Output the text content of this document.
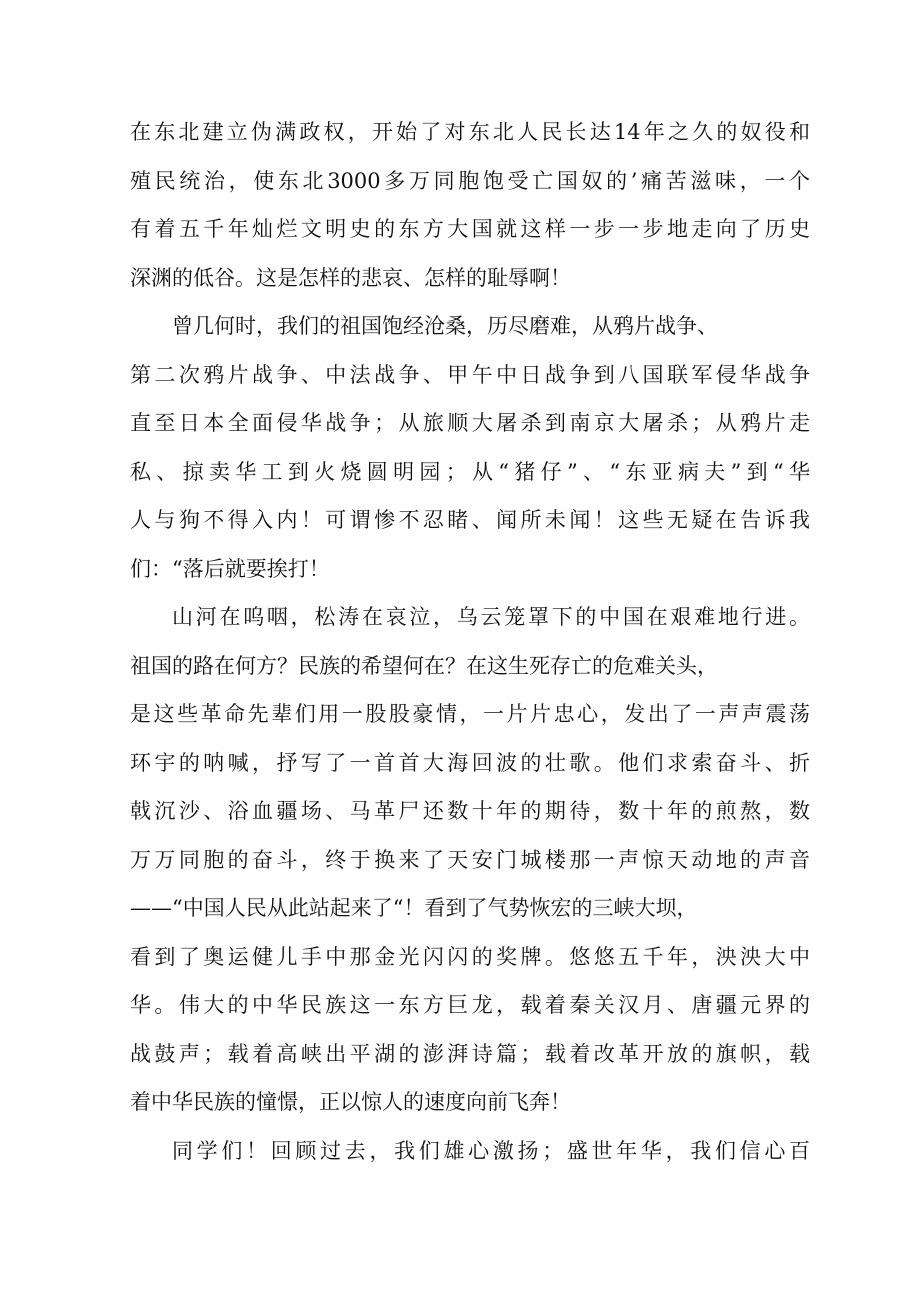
在东北建立伪满政权，开始了对东北人民长达14年之久的奴役和
殖民统治，使东北3000多万同胞饱受亡国奴的’痛苦滋味，一个
有着五千年灿烂文明史的东方大国就这样一步一步地走向了历史
深渊的低谷。这是怎样的悲哀、怎样的耻辱啊！
曾几何时，我们的祖国饱经沧桑，历尽磨难，从鸦片战争、
第二次鸦片战争、中法战争、甲午中日战争到八国联军侵华战争
直至日本全面侵华战争；从旅顺大屠杀到南京大屠杀；从鸦片走
私、掠卖华工到火烧圆明园；从“猪仔”、“东亚病夫”到“华
人与狗不得入内！可谓惨不忍睹、闻所未闻！这些无疑在告诉我
们：“落后就要挨打！
山河在呜咽，松涛在哀泣，乌云笼罩下的中国在艰难地行进。
祖国的路在何方？民族的希望何在？在这生死存亡的危难关头，
是这些革命先辈们用一股股豪情，一片片忠心，发出了一声声震荡
环宇的呐喊，抒写了一首首大海回波的壮歌。他们求索奋斗、折
戟沉沙、浴血疆场、马革尸还数十年的期待，数十年的煎熬，数
万万同胞的奋斗，终于换来了天安门城楼那一声惊天动地的声音
——“中国人民从此站起来了“！看到了气势恢宏的三峡大坝，
看到了奥运健儿手中那金光闪闪的奖牌。悠悠五千年，泱泱大中
华。伟大的中华民族这一东方巨龙，载着秦关汉月、唐疆元界的
战鼓声；载着高峡出平湖的澎湃诗篇；载着改革开放的旗帜，载
着中华民族的憧憬，正以惊人的速度向前飞奔！
同学们！回顾过去，我们雄心激扬；盛世年华，我们信心百
